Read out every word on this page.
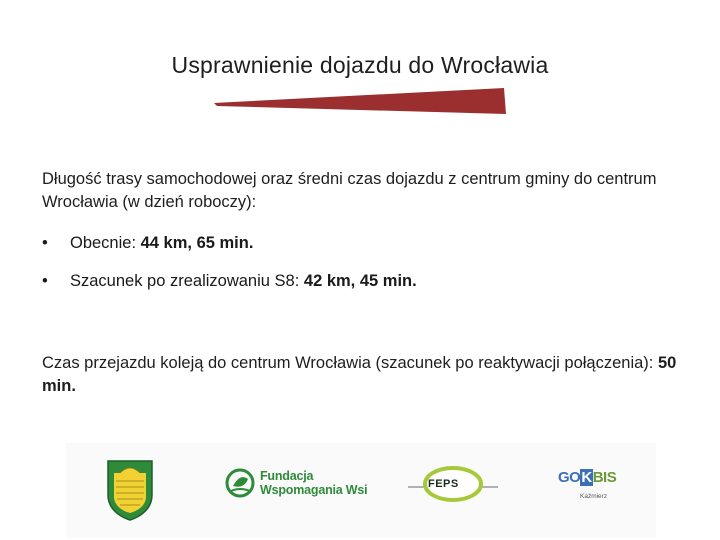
Usprawnienie dojazdu do Wrocławia
Długość trasy samochodowej oraz średni czas dojazdu z centrum gminy do centrum Wrocławia (w dzień roboczy):
• Obecnie: 44 km, 65 min.
• Szacunek po zrealizowaniu S8: 42 km, 45 min.
Czas przejazdu koleją do centrum Wrocławia (szacunek po reaktywacji połączenia): 50 min.
Fundacja
Wspomagania Wsi	FEPS	GOKBIS
Kaźmierz
